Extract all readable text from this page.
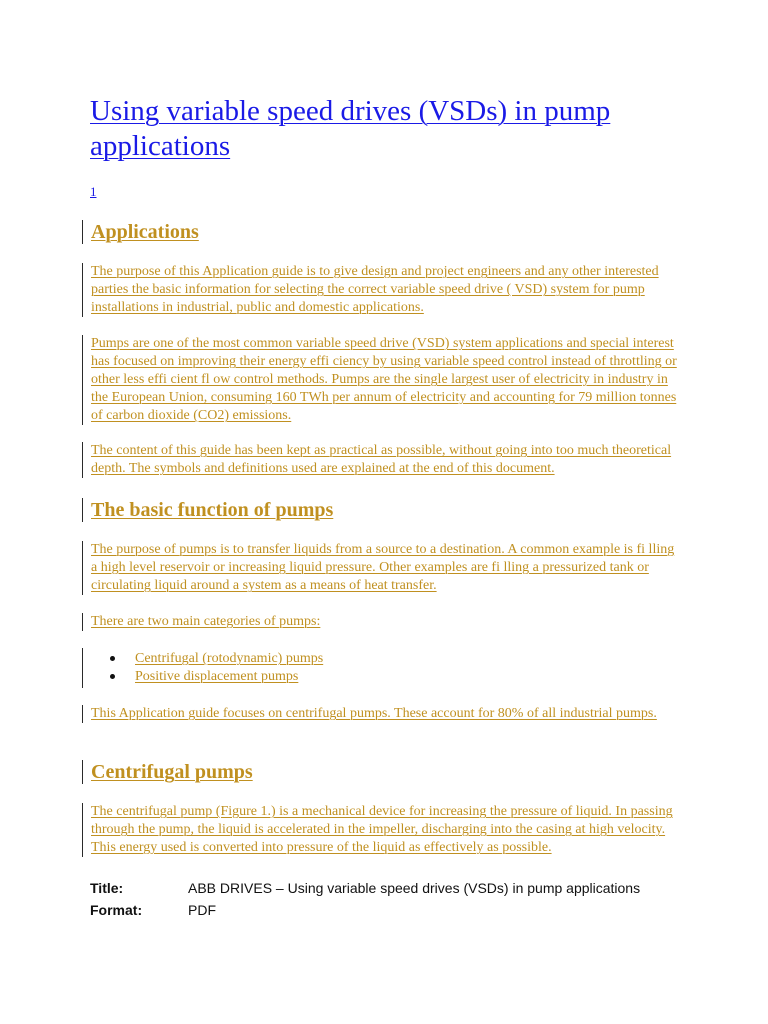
Using variable speed drives (VSDs) in pump applications
1
Applications

The purpose of this Application guide is to give design and project engineers and any other interested parties the basic information for selecting the correct variable speed drive ( VSD) system for pump installations in industrial, public and domestic applications.

Pumps are one of the most common variable speed drive (VSD) system applications and special interest has focused on improving their energy effi ciency by using variable speed control instead of throttling or other less effi cient fl ow control methods. Pumps are the single largest user of electricity in industry in the European Union, consuming 160 TWh per annum of electricity and accounting for 79 million tonnes of carbon dioxide (CO2) emissions.

The content of this guide has been kept as practical as possible, without going into too much theoretical depth. The symbols and definitions used are explained at the end of this document.

The basic function of pumps

The purpose of pumps is to transfer liquids from a source to a destination. A common example is fi lling a high level reservoir or increasing liquid pressure. Other examples are fi lling a pressurized tank or circulating liquid around a system as a means of heat transfer.

There are two main categories of pumps:

Centrifugal (rotodynamic) pumps
Positive displacement pumps

This Application guide focuses on centrifugal pumps. These account for 80% of all industrial pumps.

Centrifugal pumps

The centrifugal pump (Figure 1.) is a mechanical device for increasing the pressure of liquid. In passing through the pump, the liquid is accelerated in the impeller, discharging into the casing at high velocity. This energy used is converted into pressure of the liquid as effectively as possible.

Title:	ABB DRIVES – Using variable speed drives (VSDs) in pump applications
Format:	PDF
